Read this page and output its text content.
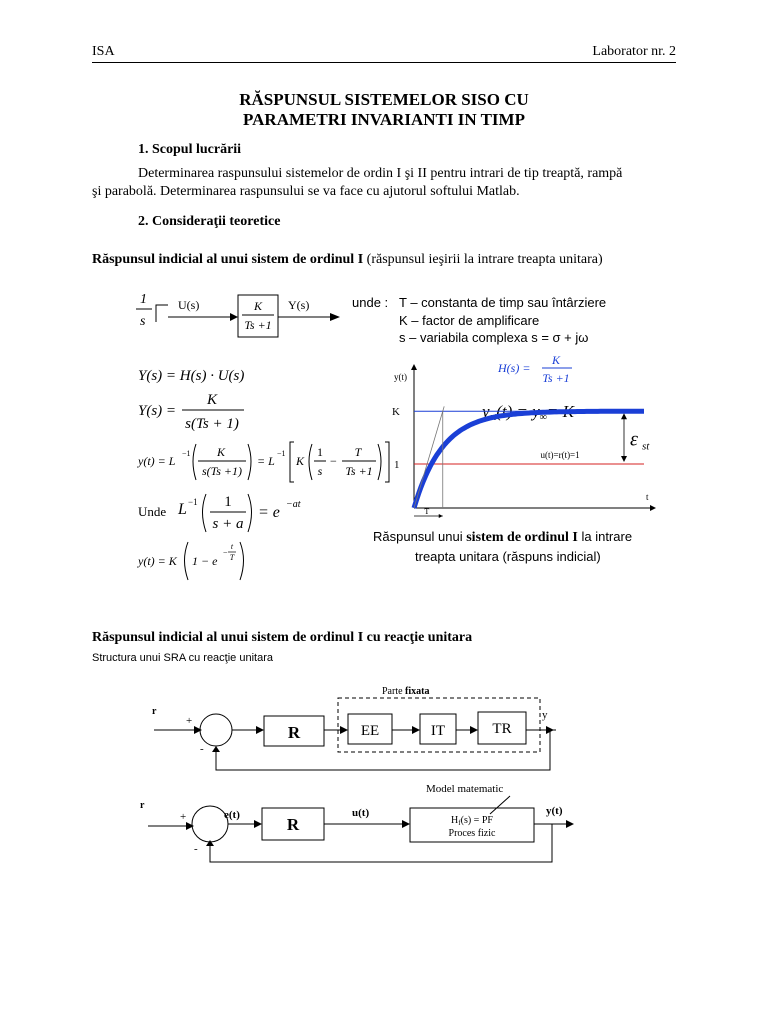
ISA	Laborator nr. 2
RĂSPUNSUL SISTEMELOR SISO CU
PARAMETRI INVARIANTI IN TIMP
1. Scopul lucrării
Determinarea raspunsului sistemelor de ordin I şi II pentru intrari de tip treaptă, rampă
şi parabolă. Determinarea raspunsului se va face cu ajutorul softului Matlab.
2. Consideraţii teoretice
Răspunsul indicial al unui sistem de ordinul I (răspunsul ieşirii la intrare treapta unitara)
1
s
U(s)	K
Ts +1
Y(s)	unde : T – constanta de timp sau întârziere
K – factor de amplificare
s – variabila complexa s = σ + jω
Y(s) = H(s) · U(s)
Y(s) =
K
s(Ts + 1)
y(t) = L
−1 K
s(Ts +1)
= L
−1
K
1
s
−
T
Ts +1
Unde L −1 1
s + a
= e −at
y(t) = K 1 − e
−
t
T
H(s) =
K
Ts +1
y(t)
yst(t) = y∞= K
t
K
1
u(t)=r(t)=1
T
ε st
Răspunsul unui sistem de ordinul I la intrare
treapta unitara (răspuns indicial)
Răspunsul indicial al unui sistem de ordinul I cu reacţie unitara
Structura unui SRA cu reacţie unitara
Parte fixata
r
+
-
R	EE	IT	TR
y
Model matematic
r
+
-
e(t)	R
u(t)
$H_f(s)$ = PF
Proces fizic
y(t)
